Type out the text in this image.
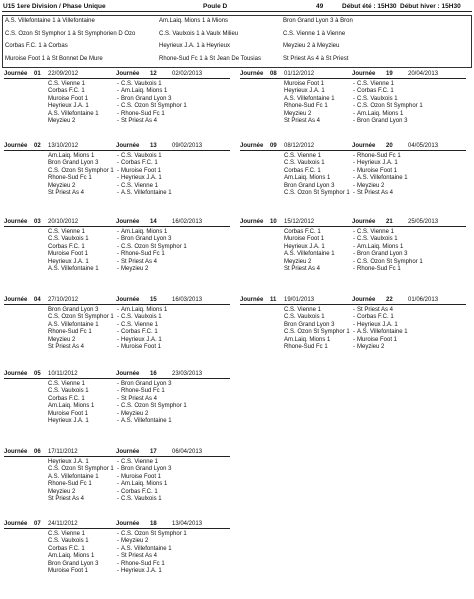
U15 1ere Division / Phase Unique	Poule D	49	Début été : 15H30 Début hiver : 15H30
A.S. Villefontaine 1 à Villefontaine	Am.Laiq. Mions 1 à Mions	Bron Grand Lyon 3 à Bron
C.S. Ozon St Symphor 1 à St Symphorien D Ozo	C.S. Vaulxois 1 à Vaulx Milieu	C.S. Vienne 1 à Vienne
Corbas F.C. 1 à Corbas	Heyrieux J.A. 1 à Heyrieux	Meyzieu 2 à Meyzieu
Muroise Foot 1 à St Bonnet De Mure	Rhone-Sud Fc 1 à St Jean De Tousias	St Priest As 4 à St Priest
Journée 01 22/09/2012	Journée 12	02/02/2013
C.S. Vienne 1	- C.S. Vaulxois 1
Corbas F.C. 1	- Am.Laiq. Mions 1
Muroise Foot 1	- Bron Grand Lyon 3
Heyrieux J.A. 1	- C.S. Ozon St Symphor 1
A.S. Villefontaine 1	- Rhone-Sud Fc 1
Meyzieu 2	- St Priest As 4
Journée 02 13/10/2012	Journée 13	09/02/2013
Am.Laiq. Mions 1	- C.S. Vaulxois 1
Bron Grand Lyon 3	- Corbas F.C. 1
C.S. Ozon St Symphor 1 - Muroise Foot 1
Rhone-Sud Fc 1	- Heyrieux J.A. 1
Meyzieu 2	- C.S. Vienne 1
St Priest As 4	- A.S. Villefontaine 1
Journée 03 20/10/2012	Journée 14	16/02/2013
C.S. Vienne 1	- Am.Laiq. Mions 1
C.S. Vaulxois 1	- Bron Grand Lyon 3
Corbas F.C. 1	- C.S. Ozon St Symphor 1
Muroise Foot 1	- Rhone-Sud Fc 1
Heyrieux J.A. 1	- St Priest As 4
A.S. Villefontaine 1	- Meyzieu 2
Journée 04 27/10/2012	Journée 15	16/03/2013
Bron Grand Lyon 3	- Am.Laiq. Mions 1
C.S. Ozon St Symphor 1 - C.S. Vaulxois 1
A.S. Villefontaine 1	- C.S. Vienne 1
Rhone-Sud Fc 1	- Corbas F.C. 1
Meyzieu 2	- Heyrieux J.A. 1
St Priest As 4	- Muroise Foot 1
Journée 05 10/11/2012	Journée 16	23/03/2013
C.S. Vienne 1	- Bron Grand Lyon 3
C.S. Vaulxois 1	- Rhone-Sud Fc 1
Corbas F.C. 1	- St Priest As 4
Am.Laiq. Mions 1	- C.S. Ozon St Symphor 1
Muroise Foot 1	- Meyzieu 2
Heyrieux J.A. 1	- A.S. Villefontaine 1
Journée 06 17/11/2012	Journée 17	06/04/2013
Heyrieux J.A. 1	- C.S. Vienne 1
C.S. Ozon St Symphor 1 - Bron Grand Lyon 3
A.S. Villefontaine 1	- Muroise Foot 1
Rhone-Sud Fc 1	- Am.Laiq. Mions 1
Meyzieu 2	- Corbas F.C. 1
St Priest As 4	- C.S. Vaulxois 1
Journée 07 24/11/2012	Journée 18	13/04/2013
C.S. Vienne 1	- C.S. Ozon St Symphor 1
C.S. Vaulxois 1	- Meyzieu 2
Corbas F.C. 1	- A.S. Villefontaine 1
Am.Laiq. Mions 1	- St Priest As 4
Bron Grand Lyon 3	- Rhone-Sud Fc 1
Muroise Foot 1	- Heyrieux J.A. 1
Journée 08 01/12/2012	Journée 19	20/04/2013
Muroise Foot 1	- C.S. Vienne 1
Heyrieux J.A. 1	- Corbas F.C. 1
A.S. Villefontaine 1	- C.S. Vaulxois 1
Rhone-Sud Fc 1	- C.S. Ozon St Symphor 1
Meyzieu 2	- Am.Laiq. Mions 1
St Priest As 4	- Bron Grand Lyon 3
Journée 09 08/12/2012	Journée 20	04/05/2013
C.S. Vienne 1	- Rhone-Sud Fc 1
C.S. Vaulxois 1	- Heyrieux J.A. 1
Corbas F.C. 1	- Muroise Foot 1
Am.Laiq. Mions 1	- A.S. Villefontaine 1
Bron Grand Lyon 3	- Meyzieu 2
C.S. Ozon St Symphor 1 - St Priest As 4
Journée 10 15/12/2012	Journée 21	25/05/2013
Corbas F.C. 1	- C.S. Vienne 1
Muroise Foot 1	- C.S. Vaulxois 1
Heyrieux J.A. 1	- Am.Laiq. Mions 1
A.S. Villefontaine 1	- Bron Grand Lyon 3
Meyzieu 2	- C.S. Ozon St Symphor 1
St Priest As 4	- Rhone-Sud Fc 1
Journée 11 19/01/2013	Journée 22	01/06/2013
C.S. Vienne 1	- St Priest As 4
C.S. Vaulxois 1	- Corbas F.C. 1
Bron Grand Lyon 3	- Heyrieux J.A. 1
C.S. Ozon St Symphor 1 - A.S. Villefontaine 1
Am.Laiq. Mions 1	- Muroise Foot 1
Rhone-Sud Fc 1	- Meyzieu 2
